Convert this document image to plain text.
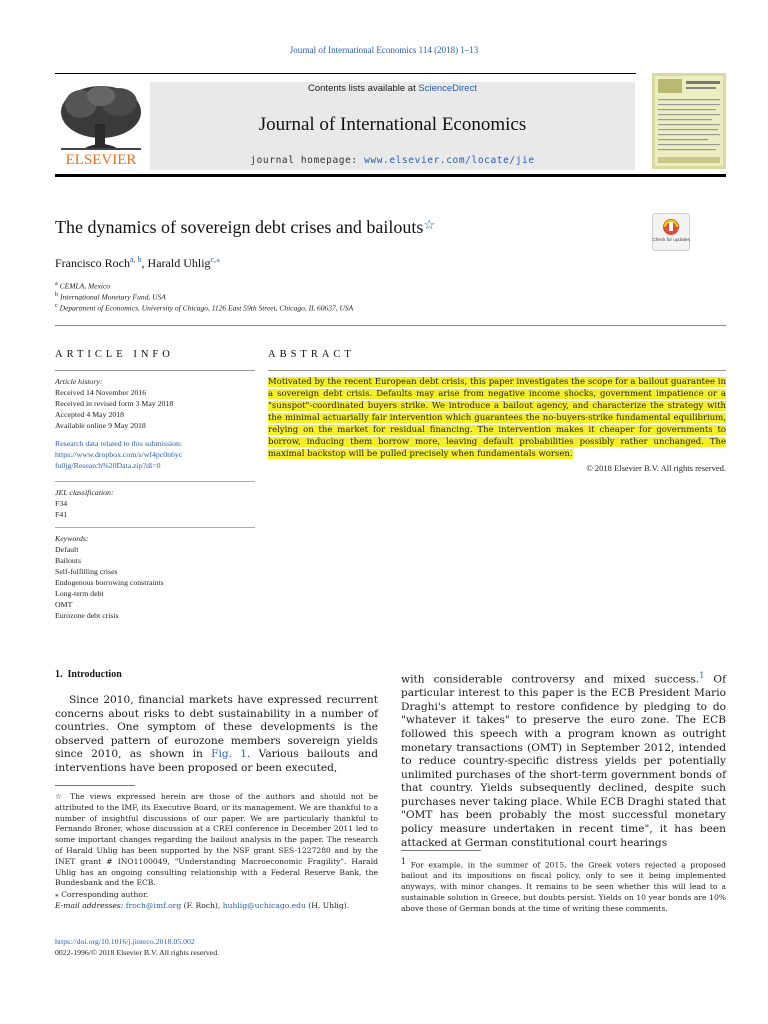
Journal of International Economics 114 (2018) 1–13
ELSEVIER
Contents lists available at ScienceDirect
Journal of International Economics
journal homepage: www.elsevier.com/locate/jie
The dynamics of sovereign debt crises and bailouts☆
Check for updates
Francisco Roch$^{a, b}$, Harald Uhlig$^{c,⁎}$
$^a$ CEMLA, Mexico
$^b$ International Monetary Fund, USA
$^c$ Department of Economics, University of Chicago, 1126 East 59th Street, Chicago, IL 60637, USA
ARTICLE INFO	ABSTRACT
Article history:
Received 14 November 2016
Received in revised form 3 May 2018
Accepted 4 May 2018
Available online 9 May 2018
Research data related to this submission:
https://www.dropbox.com/s/wf4pc0n6yc
fu0jg/Research%20Data.zip?dl=0
JEL classification:
F34
F41
Keywords:
Default
Bailouts
Self-fulfilling crises
Endogenous borrowing constraints
Long-term debt
OMT
Eurozone debt crisis
Motivated by the recent European debt crisis, this paper investigates the scope for a bailout guarantee in a sovereign debt crisis. Defaults may arise from negative income shocks, government impatience or a "sunspot"-coordinated buyers strike. We introduce a bailout agency, and characterize the strategy with the minimal actuarially fair intervention which guarantees the no-buyers-strike fundamental equilibrium, relying on the market for residual financing. The intervention makes it cheaper for governments to borrow, inducing them borrow more, leaving default probabilities possibly rather unchanged. The maximal backstop will be pulled precisely when fundamentals worsen.
© 2018 Elsevier B.V. All rights reserved.
1. Introduction
Since 2010, financial markets have expressed recurrent concerns about risks to debt sustainability in a number of countries. One symptom of these developments is the observed pattern of eurozone members sovereign yields since 2010, as shown in Fig. 1. Various bailouts and interventions have been proposed or been executed,
with considerable controversy and mixed success.$^1$ Of particular interest to this paper is the ECB President Mario Draghi's attempt to restore confidence by pledging to do "whatever it takes" to preserve the euro zone. The ECB followed this speech with a program known as outright monetary transactions (OMT) in September 2012, intended to reduce country-specific distress yields per potentially unlimited purchases of the short-term government bonds of that country. Yields subsequently declined, despite such purchases never taking place. While ECB Draghi stated that "OMT has been probably the most successful monetary policy measure undertaken in recent time", it has been attacked at German constitutional court hearings
☆ The views expressed herein are those of the authors and should not be attributed to the IMF, its Executive Board, or its management. We are thankful to a number of insightful discussions of our paper. We are particularly thankful to Fernando Broner, whose discussion at a CREI conference in December 2011 led to some important changes regarding the bailout analysis in the paper. The research of Harald Uhlig has been supported by the NSF grant SES-1227280 and by the INET grant # INO1100049, "Understanding Macroeconomic Fragility". Harald Uhlig has an ongoing consulting relationship with a Federal Reserve Bank, the Bundesbank and the ECB.
⁎ Corresponding author.
E-mail addresses: froch@imf.org (F. Roch), huhlig@uchicago.edu (H. Uhlig).
1 For example, in the summer of 2015, the Greek voters rejected a proposed bailout and its impositions on fiscal policy, only to see it being implemented anyways, with minor changes. It remains to be seen whether this will lead to a sustainable solution in Greece, but doubts persist. Yields on 10 year bonds are 10% above those of German bonds at the time of writing these comments.
https://doi.org/10.1016/j.jinteco.2018.05.002
0022-1996/© 2018 Elsevier B.V. All rights reserved.
